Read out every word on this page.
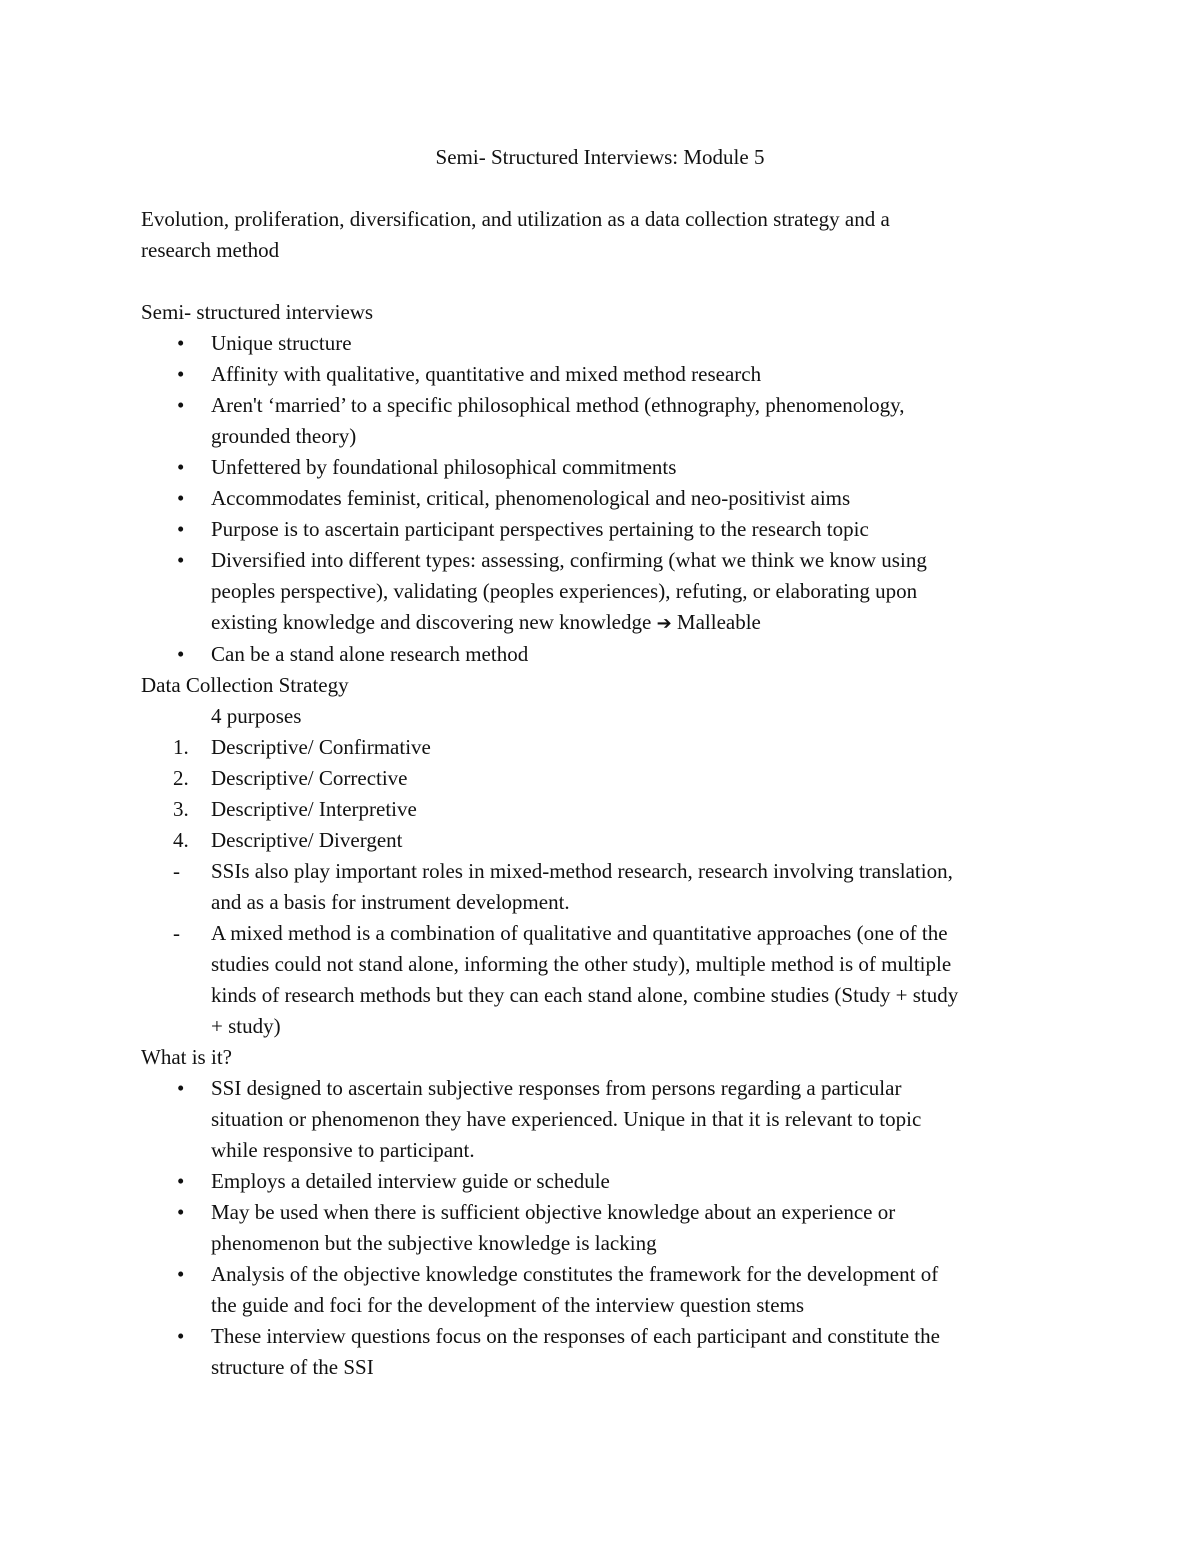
Semi- Structured Interviews: Module 5
Evolution, proliferation, diversification, and utilization as a data collection strategy and a
research method
Semi- structured interviews
• Unique structure
• Affinity with qualitative, quantitative and mixed method research
• Aren't ‘married’ to a specific philosophical method (ethnography, phenomenology,
grounded theory)
• Unfettered by foundational philosophical commitments
• Accommodates feminist, critical, phenomenological and neo-positivist aims
• Purpose is to ascertain participant perspectives pertaining to the research topic
• Diversified into different types: assessing, confirming (what we think we know using
peoples perspective), validating (peoples experiences), refuting, or elaborating upon
existing knowledge and discovering new knowledge ➔ Malleable
• Can be a stand alone research method
Data Collection Strategy
4 purposes
1. Descriptive/ Confirmative
2. Descriptive/ Corrective
3. Descriptive/ Interpretive
4. Descriptive/ Divergent
- SSIs also play important roles in mixed-method research, research involving translation,
and as a basis for instrument development.
- A mixed method is a combination of qualitative and quantitative approaches (one of the
studies could not stand alone, informing the other study), multiple method is of multiple
kinds of research methods but they can each stand alone, combine studies (Study + study
+ study)
What is it?
• SSI designed to ascertain subjective responses from persons regarding a particular
situation or phenomenon they have experienced. Unique in that it is relevant to topic
while responsive to participant.
• Employs a detailed interview guide or schedule
• May be used when there is sufficient objective knowledge about an experience or
phenomenon but the subjective knowledge is lacking
• Analysis of the objective knowledge constitutes the framework for the development of
the guide and foci for the development of the interview question stems
• These interview questions focus on the responses of each participant and constitute the
structure of the SSI
